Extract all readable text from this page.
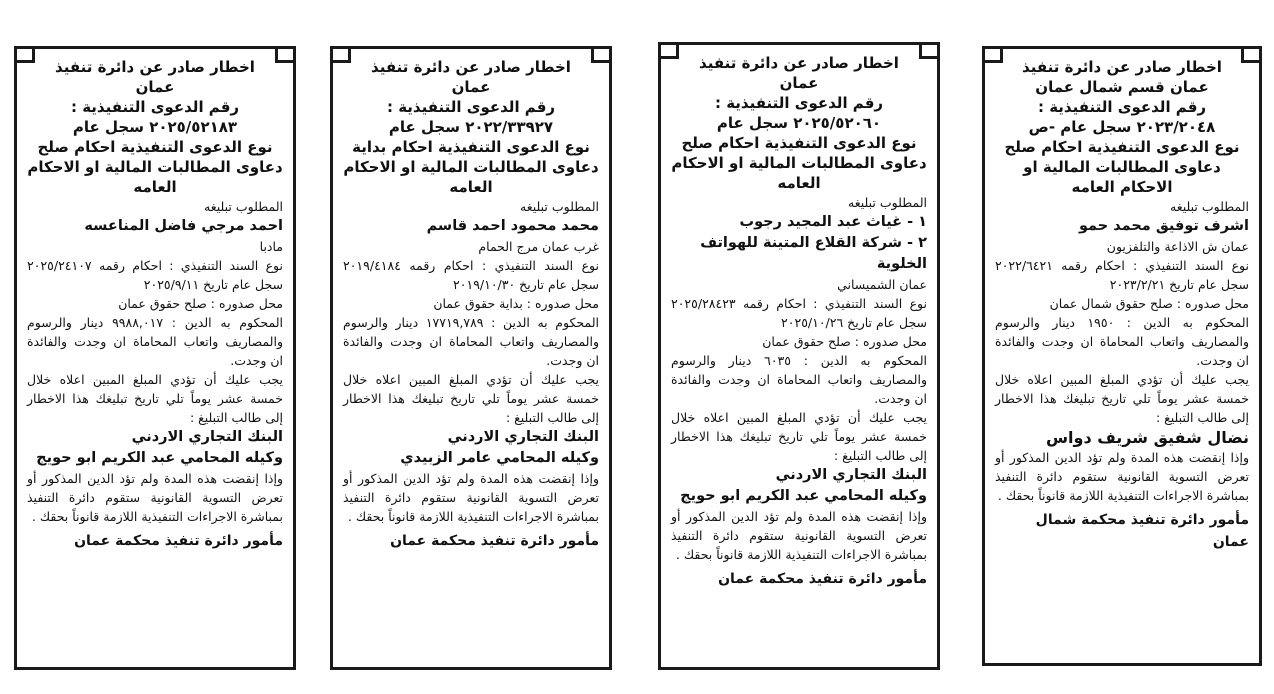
اخطار صادر عن دائرة تنفيذ
عمان
رقم الدعوى التنفيذية :
٢٠٢٥/٥٢١٨٣ سجل عام
نوع الدعوى التنفيذية احكام صلح دعاوى المطالبات المالية او الاحكام العامه
المطلوب تبليغه
احمد مرجي فاضل المناعسه
مادبا
نوع السند التنفيذي : احكام رقمه ٢٠٢٥/٢٤١٠٧ سجل عام تاريخ ٢٠٢٥/٩/١١
محل صدوره : صلح حقوق عمان
المحكوم به الدين : ٩٩٨٨,٠١٧ دينار والرسوم والمصاريف واتعاب المحاماة ان وجدت والفائدة ان وجدت.
يجب عليك أن تؤدي المبلغ المبين اعلاه خلال خمسة عشر يوماً تلي تاريخ تبليغك هذا الاخطار إلى طالب التبليغ :
البنك التجاري الاردني
وكيله المحامي عبد الكريم ابو حويج
وإذا إنقضت هذه المدة ولم تؤد الدين المذكور أو تعرض التسوية القانونية ستقوم دائرة التنفيذ بمباشرة الاجراءات التنفيذية اللازمة قانوناً بحقك .
مأمور دائرة تنفيذ محكمة عمان
اخطار صادر عن دائرة تنفيذ
عمان
رقم الدعوى التنفيذية :
٢٠٢٢/٣٣٩٢٧ سجل عام
نوع الدعوى التنفيذية احكام بداية دعاوى المطالبات المالية او الاحكام العامه
المطلوب تبليغه
محمد محمود احمد قاسم
غرب عمان مرج الحمام
نوع السند التنفيذي : احكام رقمه ٢٠١٩/٤١٨٤ سجل عام تاريخ ٢٠١٩/١٠/٣٠
محل صدوره : بداية حقوق عمان
المحكوم به الدين : ١٧٧١٩,٧٨٩ دينار والرسوم والمصاريف واتعاب المحاماة ان وجدت والفائدة ان وجدت.
يجب عليك أن تؤدي المبلغ المبين اعلاه خلال خمسة عشر يوماً تلي تاريخ تبليغك هذا الاخطار إلى طالب التبليغ :
البنك التجاري الاردني
وكيله المحامي عامر الزبيدي
وإذا إنقضت هذه المدة ولم تؤد الدين المذكور أو تعرض التسوية القانونية ستقوم دائرة التنفيذ بمباشرة الاجراءات التنفيذية اللازمة قانوناً بحقك .
مأمور دائرة تنفيذ محكمة عمان
اخطار صادر عن دائرة تنفيذ
عمان
رقم الدعوى التنفيذية :
٢٠٢٥/٥٢٠٦٠ سجل عام
نوع الدعوى التنفيذية احكام صلح دعاوى المطالبات المالية او الاحكام العامه
المطلوب تبليغه
١ - غياث عبد المجيد رجوب
٢ - شركة القلاع المتينة للهواتف الخلوية
عمان الشميساني
نوع السند التنفيذي : احكام رقمه ٢٠٢٥/٢٨٤٢٣ سجل عام تاريخ ٢٠٢٥/١٠/٢٦
محل صدوره : صلح حقوق عمان
المحكوم به الدين : ٦٠٣٥ دينار والرسوم والمصاريف واتعاب المحاماة ان وجدت والفائدة ان وجدت.
يجب عليك أن تؤدي المبلغ المبين اعلاه خلال خمسة عشر يوماً تلي تاريخ تبليغك هذا الاخطار إلى طالب التبليغ :
البنك التجاري الاردني
وكيله المحامي عبد الكريم ابو حويج
وإذا إنقضت هذه المدة ولم تؤد الدين المذكور أو تعرض التسوية القانونية ستقوم دائرة التنفيذ بمباشرة الاجراءات التنفيذية اللازمة قانوناً بحقك .
مأمور دائرة تنفيذ محكمة عمان
اخطار صادر عن دائرة تنفيذ
عمان قسم شمال عمان
رقم الدعوى التنفيذية :
٢٠٢٣/٢٠٤٨ سجل عام -ص
نوع الدعوى التنفيذية احكام صلح دعاوى المطالبات المالية او الاحكام العامه
المطلوب تبليغه
اشرف توفيق محمد حمو
عمان ش الاذاعة والتلفزيون
نوع السند التنفيذي : احكام رقمه ٢٠٢٢/٦٤٢١ سجل عام تاريخ ٢٠٢٣/٢/٢١
محل صدوره : صلح حقوق شمال عمان
المحكوم به الدين : ١٩٥٠ دينار والرسوم والمصاريف واتعاب المحاماة ان وجدت والفائدة ان وجدت.
يجب عليك أن تؤدي المبلغ المبين اعلاه خلال خمسة عشر يوماً تلي تاريخ تبليغك هذا الاخطار إلى طالب التبليغ :
نضال شفيق شريف دواس
وإذا إنقضت هذه المدة ولم تؤد الدين المذكور أو تعرض التسوية القانونية ستقوم دائرة التنفيذ بمباشرة الاجراءات التنفيذية اللازمة قانوناً بحقك .
مأمور دائرة تنفيذ محكمة شمال عمان
